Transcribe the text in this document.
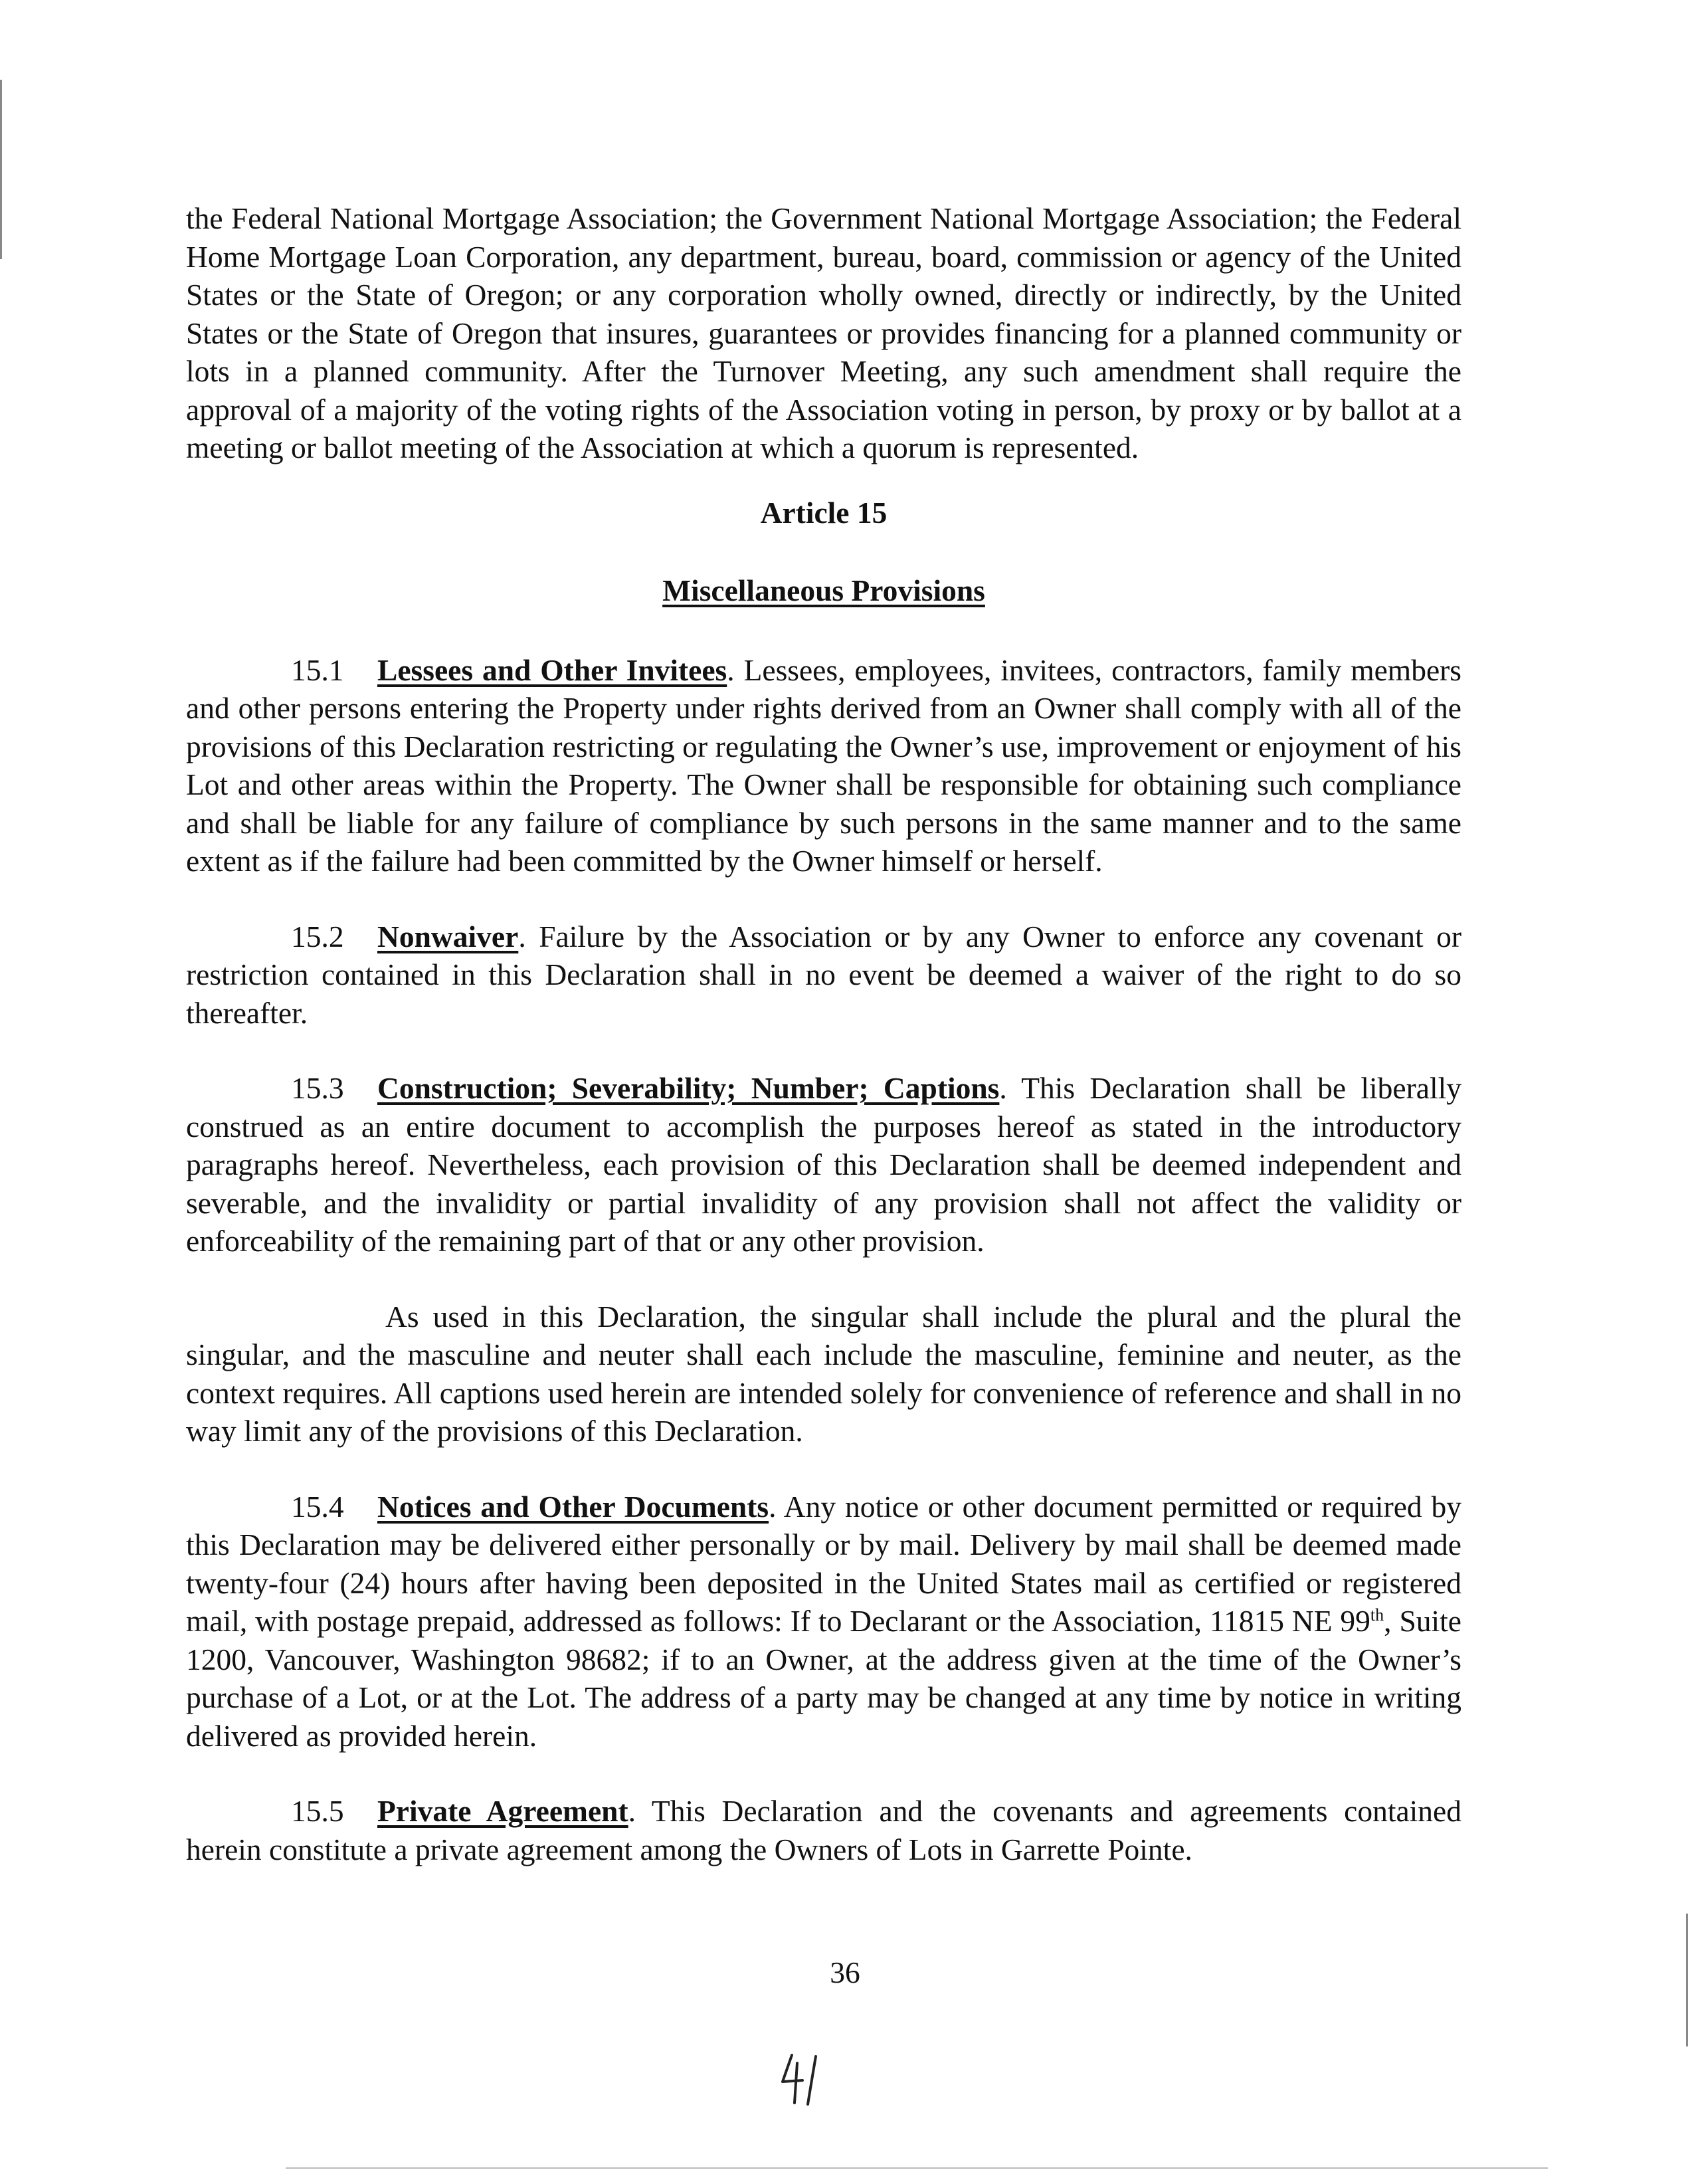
the Federal National Mortgage Association; the Government National Mortgage Association; the Federal Home Mortgage Loan Corporation, any department, bureau, board, commission or agency of the United States or the State of Oregon; or any corporation wholly owned, directly or indirectly, by the United States or the State of Oregon that insures, guarantees or provides financing for a planned community or lots in a planned community. After the Turnover Meeting, any such amendment shall require the approval of a majority of the voting rights of the Association voting in person, by proxy or by ballot at a meeting or ballot meeting of the Association at which a quorum is represented.

Article 15

Miscellaneous Provisions

15.1 Lessees and Other Invitees. Lessees, employees, invitees, contractors, family members and other persons entering the Property under rights derived from an Owner shall comply with all of the provisions of this Declaration restricting or regulating the Owner’s use, improvement or enjoyment of his Lot and other areas within the Property. The Owner shall be responsible for obtaining such compliance and shall be liable for any failure of compliance by such persons in the same manner and to the same extent as if the failure had been committed by the Owner himself or herself.

15.2 Nonwaiver. Failure by the Association or by any Owner to enforce any covenant or restriction contained in this Declaration shall in no event be deemed a waiver of the right to do so thereafter.

15.3 Construction; Severability; Number; Captions. This Declaration shall be liberally construed as an entire document to accomplish the purposes hereof as stated in the introductory paragraphs hereof. Nevertheless, each provision of this Declaration shall be deemed independent and severable, and the invalidity or partial invalidity of any provision shall not affect the validity or enforceability of the remaining part of that or any other provision.

As used in this Declaration, the singular shall include the plural and the plural the singular, and the masculine and neuter shall each include the masculine, feminine and neuter, as the context requires. All captions used herein are intended solely for convenience of reference and shall in no way limit any of the provisions of this Declaration.

15.4 Notices and Other Documents. Any notice or other document permitted or required by this Declaration may be delivered either personally or by mail. Delivery by mail shall be deemed made twenty-four (24) hours after having been deposited in the United States mail as certified or registered mail, with postage prepaid, addressed as follows: If to Declarant or the Association, 11815 NE 99th, Suite 1200, Vancouver, Washington 98682; if to an Owner, at the address given at the time of the Owner’s purchase of a Lot, or at the Lot. The address of a party may be changed at any time by notice in writing delivered as provided herein.

15.5 Private Agreement. This Declaration and the covenants and agreements contained herein constitute a private agreement among the Owners of Lots in Garrette Pointe.

36
